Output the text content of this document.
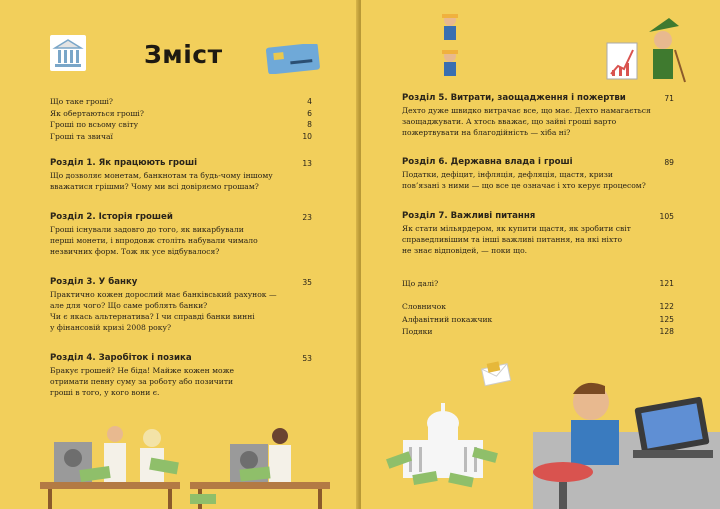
Зміст
Що таке гроші?	4
Як обертаються гроші?	6
Гроші по всьому світу	8
Гроші та звичаї	10
Розділ 1. Як працюють гроші	13
Що дозволяє монетам, банкнотам та будь-чому іншому
вважатися грішми? Чому ми всі довіряємо грошам?
Розділ 2. Історія грошей	23
Гроші існували задовго до того, як викарбували
перші монети, і впродовж століть набували чимало
незвичних форм. Тож як усе відбувалося?
Розділ 3. У банку	35
Практично кожен дорослий має банківський рахунок —
але для чого? Що саме роблять банки?
Чи є якась альтернатива? І чи справді банки винні
у фінансовій кризі 2008 року?
Розділ 4. Заробіток і позика	53
Бракує грошей? Не біда! Майже кожен може
отримати певну суму за роботу або позичити
гроші в того, у кого вони є.
Розділ 5. Витрати, заощадження і пожертви	71
Дехто дуже швидко витрачає все, що має. Дехто намагається
заощаджувати. А хтось вважає, що зайві гроші варто
пожертвувати на благодійність — хіба ні?
Розділ 6. Державна влада і гроші	89
Податки, дефіцит, інфляція, дефляція, щастя, кризи
пов’язані з ними — що все це означає і хто керує процесом?
Розділ 7. Важливі питання	105
Як стати мільярдером, як купити щастя, як зробити світ
справедливішим та інші важливі питання, на які ніхто
не знає відповідей, — поки що.
Що далі?	121
Словничок	122
Алфавітний покажчик	125
Подяки	128
